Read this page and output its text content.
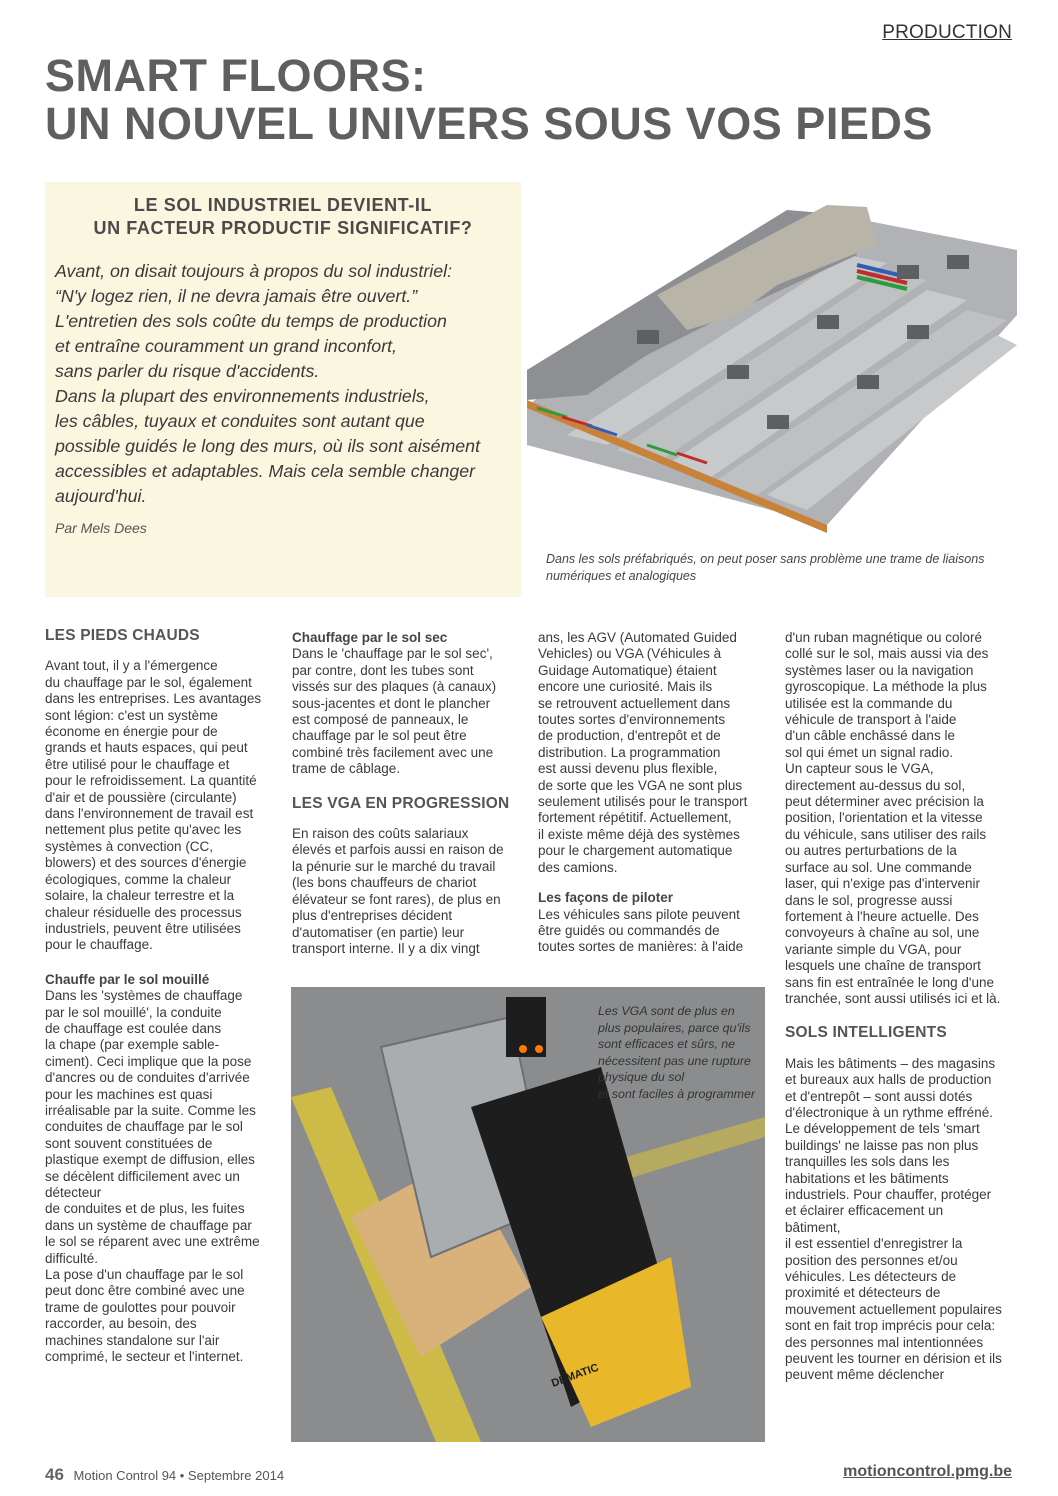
PRODUCTION
SMART FLOORS:
UN NOUVEL UNIVERS SOUS VOS PIEDS
LE SOL INDUSTRIEL DEVIENT-IL
UN FACTEUR PRODUCTIF SIGNIFICATIF?
Avant, on disait toujours à propos du sol industriel:
“N'y logez rien, il ne devra jamais être ouvert.”
L'entretien des sols coûte du temps de production
et entraîne couramment un grand inconfort,
sans parler du risque d'accidents.
Dans la plupart des environnements industriels,
les câbles, tuyaux et conduites sont autant que
possible guidés le long des murs, où ils sont aisément
accessibles et adaptables. Mais cela semble changer
aujourd'hui.
Par Mels Dees
Dans les sols préfabriqués, on peut poser sans problème une trame de liaisons
numériques et analogiques

LES PIEDS CHAUDS

Avant tout, il y a l'émergence
du chauffage par le sol, également
dans les entreprises. Les avantages
sont légion: c'est un système
économe en énergie pour de
grands et hauts espaces, qui peut
être utilisé pour le chauffage et
pour le refroidissement. La quantité
d'air et de poussière (circulante)
dans l'environnement de travail est
nettement plus petite qu'avec les
systèmes à convection (CC,
blowers) et des sources d'énergie
écologiques, comme la chaleur
solaire, la chaleur terrestre et la
chaleur résiduelle des processus
industriels, peuvent être utilisées
pour le chauffage.

Chauffe par le sol mouillé

Dans les 'systèmes de chauffage
par le sol mouillé', la conduite
de chauffage est coulée dans
la chape (par exemple sable-
ciment). Ceci implique que la pose
d'ancres ou de conduites d'arrivée
pour les machines est quasi
irréalisable par la suite. Comme les
conduites de chauffage par le sol
sont souvent constituées de
plastique exempt de diffusion, elles
se décèlent difficilement avec un
détecteur
de conduites et de plus, les fuites
dans un système de chauffage par
le sol se réparent avec une extrême
difficulté.
La pose d'un chauffage par le sol
peut donc être combiné avec une
trame de goulottes pour pouvoir
raccorder, au besoin, des
machines standalone sur l'air
comprimé, le secteur et l'internet.

Chauffage par le sol sec

Dans le 'chauffage par le sol sec',
par contre, dont les tubes sont
vissés sur des plaques (à canaux)
sous-jacentes et dont le plancher
est composé de panneaux, le
chauffage par le sol peut être
combiné très facilement avec une
trame de câblage.

LES VGA EN PROGRESSION

En raison des coûts salariaux
élevés et parfois aussi en raison de
la pénurie sur le marché du travail
(les bons chauffeurs de chariot
élévateur se font rares), de plus en
plus d'entreprises décident
d'automatiser (en partie) leur
transport interne. Il y a dix vingt
ans, les AGV (Automated Guided
Vehicles) ou VGA (Véhicules à
Guidage Automatique) étaient
encore une curiosité. Mais ils
se retrouvent actuellement dans
toutes sortes d'environnements
de production, d'entrepôt et de
distribution. La programmation
est aussi devenu plus flexible,
de sorte que les VGA ne sont plus
seulement utilisés pour le transport
fortement répétitif. Actuellement,
il existe même déjà des systèmes
pour le chargement automatique
des camions.

Les façons de piloter

Les véhicules sans pilote peuvent
être guidés ou commandés de
toutes sortes de manières: à l'aide
d'un ruban magnétique ou coloré
collé sur le sol, mais aussi via des
systèmes laser ou la navigation
gyroscopique. La méthode la plus
utilisée est la commande du
véhicule de transport à l'aide
d'un câble enchâssé dans le
sol qui émet un signal radio.
Un capteur sous le VGA,
directement au-dessus du sol,
peut déterminer avec précision la
position, l'orientation et la vitesse
du véhicule, sans utiliser des rails
ou autres perturbations de la
surface au sol. Une commande
laser, qui n'exige pas d'intervenir
dans le sol, progresse aussi
fortement à l'heure actuelle. Des
convoyeurs à chaîne au sol, une
variante simple du VGA, pour
lesquels une chaîne de transport
sans fin est entraînée le long d'une
tranchée, sont aussi utilisés ici et là.

SOLS INTELLIGENTS

Mais les bâtiments – des magasins
et bureaux aux halls de production
et d'entrepôt – sont aussi dotés
d'électronique à un rythme effréné.
Le développement de tels 'smart
buildings' ne laisse pas non plus
tranquilles les sols dans les
habitations et les bâtiments
industriels. Pour chauffer, protéger
et éclairer efficacement un
bâtiment,
il est essentiel d'enregistrer la
position des personnes et/ou
véhicules. Les détecteurs de
proximité et détecteurs de
mouvement actuellement populaires
sont en fait trop imprécis pour cela:
des personnes mal intentionnées
peuvent les tourner en dérision et ils
peuvent même déclencher
DEMATIC
Les VGA sont de plus en
plus populaires, parce qu'ils
sont efficaces et sûrs, ne
nécessitent pas une rupture
physique du sol
et sont faciles à programmer
46 Motion Control 94 • Septembre 2014	motioncontrol.pmg.be
